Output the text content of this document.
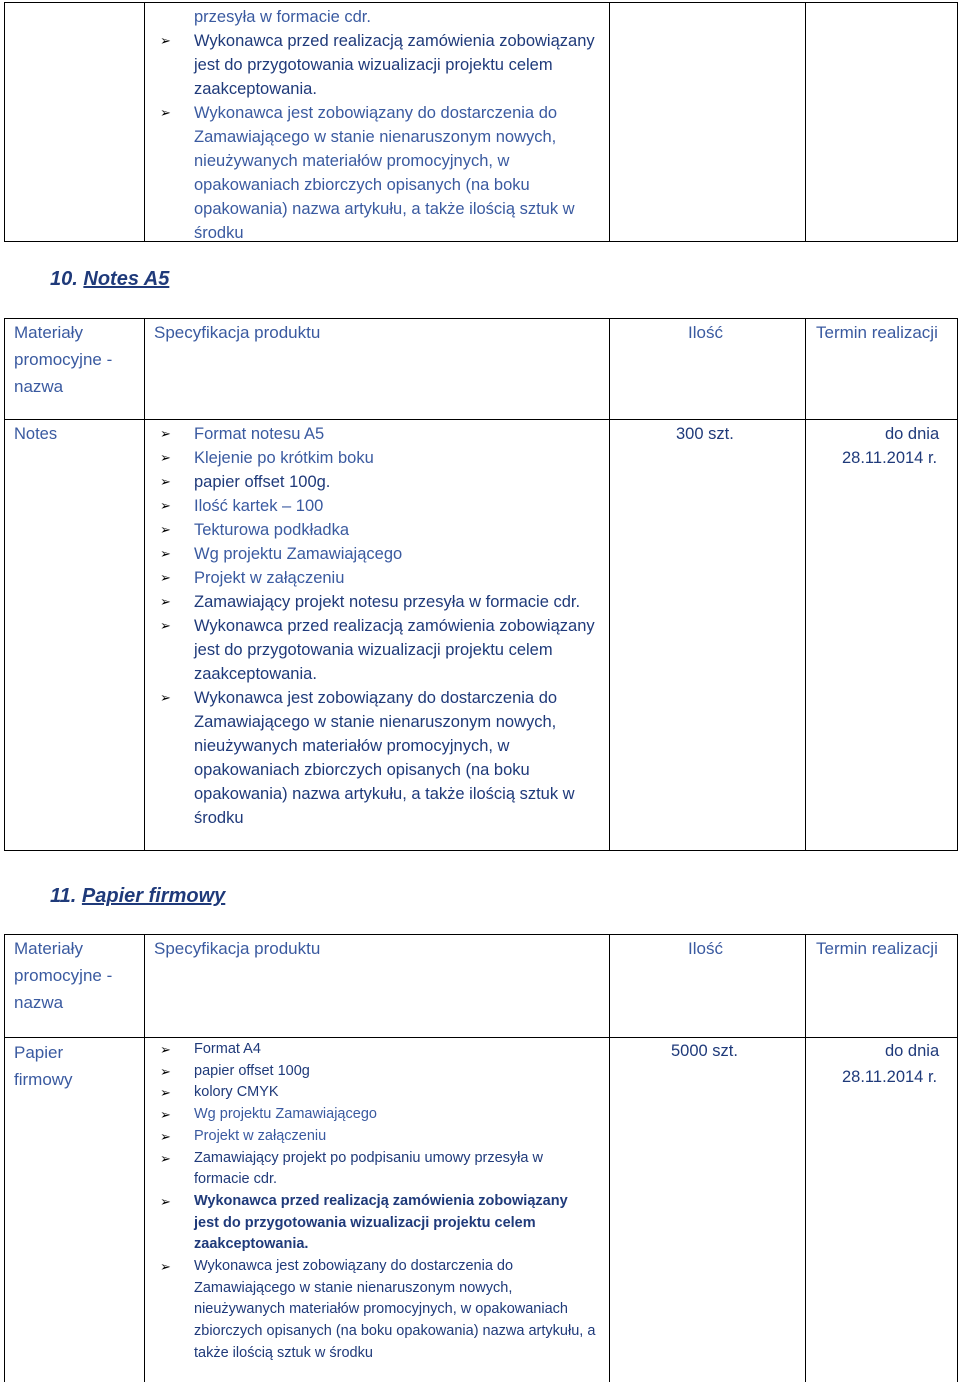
przesyła w formacie cdr.
➢ Wykonawca przed realizacją zamówienia zobowiązany jest do przygotowania wizualizacji projektu celem zaakceptowania.
➢ Wykonawca jest zobowiązany do dostarczenia do Zamawiającego w stanie nienaruszonym nowych, nieużywanych materiałów promocyjnych, w opakowaniach zbiorczych opisanych (na boku opakowania) nazwa artykułu, a także ilością sztuk w środku
10. Notes A5
Materiały promocyjne - nazwa
Specyfikacja produktu	Ilość	Termin realizacji
Notes
➢	Format notesu A5
➢ Klejenie po krótkim boku
➢ papier offset 100g.
➢ Ilość kartek – 100
➢ Tekturowa podkładka
➢ Wg projektu Zamawiającego
➢ Projekt w załączeniu
➢ Zamawiający projekt notesu przesyła w formacie cdr.
➢ Wykonawca przed realizacją zamówienia zobowiązany jest do przygotowania wizualizacji projektu celem zaakceptowania.
➢ Wykonawca jest zobowiązany do dostarczenia do Zamawiającego w stanie nienaruszonym nowych, nieużywanych materiałów promocyjnych, w opakowaniach zbiorczych opisanych (na boku opakowania) nazwa artykułu, a także ilością sztuk w środku
300 szt.	do dnia
28.11.2014 r.
11. Papier firmowy
Materiały promocyjne - nazwa
Specyfikacja produktu	Ilość	Termin realizacji
Papier firmowy
➢ Format A4
➢ papier offset 100g
➢ kolory CMYK
➢ Wg projektu Zamawiającego
➢ Projekt w załączeniu
➢ Zamawiający projekt po podpisaniu umowy przesyła w formacie cdr.
➢ Wykonawca przed realizacją zamówienia zobowiązany jest do przygotowania wizualizacji projektu celem zaakceptowania.
➢ Wykonawca jest zobowiązany do dostarczenia do Zamawiającego w stanie nienaruszonym nowych, nieużywanych materiałów promocyjnych, w opakowaniach zbiorczych opisanych (na boku opakowania) nazwa artykułu, a także ilością sztuk w środku
5000 szt.	do dnia
28.11.2014 r.
